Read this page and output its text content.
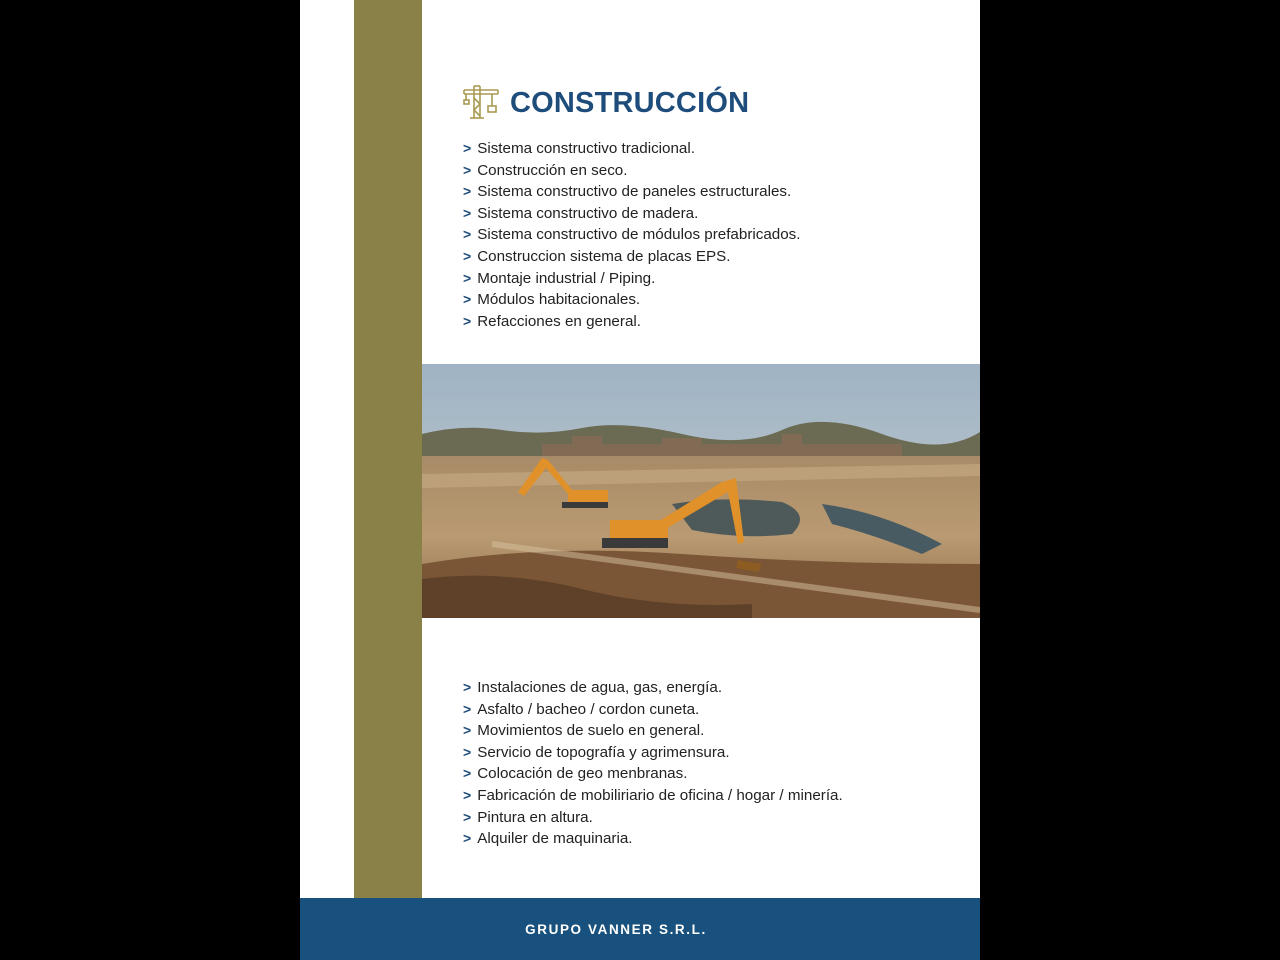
CONSTRUCCIÓN
> Sistema constructivo tradicional.
> Construcción en seco.
> Sistema constructivo de paneles estructurales.
> Sistema constructivo de madera.
> Sistema constructivo de módulos prefabricados.
> Construccion sistema de placas EPS.
> Montaje industrial / Piping.
> Módulos habitacionales.
> Refacciones en general.
> Instalaciones de agua, gas, energía.
> Asfalto / bacheo / cordon cuneta.
> Movimientos de suelo en general.
> Servicio de topografía y agrimensura.
> Colocación de geo menbranas.
> Fabricación de mobiliriario de oficina / hogar / minería.
> Pintura en altura.
> Alquiler de maquinaria.
GRUPO VANNER S.R.L.
